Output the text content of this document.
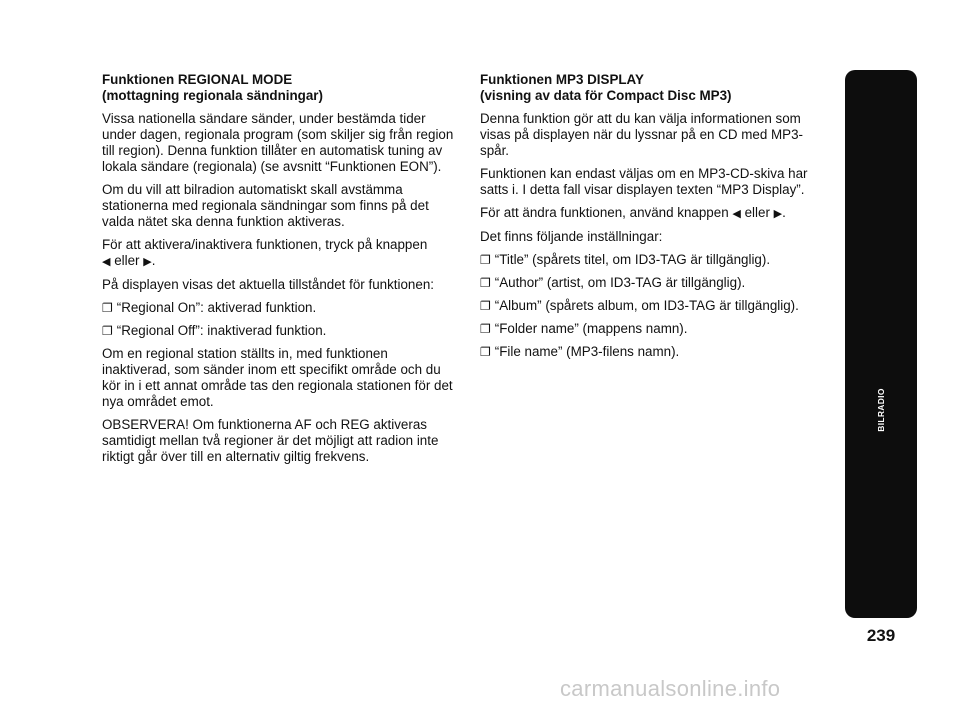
Funktionen REGIONAL MODE
(mottagning regionala sändningar)

Vissa nationella sändare sänder, under bestämda tider under dagen, regionala program (som skiljer sig från region till region). Denna funktion tillåter en automatisk tuning av lokala sändare (regionala) (se avsnitt “Funktionen EON”).

Om du vill att bilradion automatiskt skall avstämma stationerna med regionala sändningar som finns på det valda nätet ska denna funktion aktiveras.

För att aktivera/inaktivera funktionen, tryck på knappen
◀ eller ▶.

På displayen visas det aktuella tillståndet för funktionen:

❐ “Regional On”: aktiverad funktion.
❐ “Regional Off”: inaktiverad funktion.

Om en regional station ställts in, med funktionen inaktiverad, som sänder inom ett specifikt område och du kör in i ett annat område tas den regionala stationen för det nya området emot.

OBSERVERA! Om funktionerna AF och REG aktiveras samtidigt mellan två regioner är det möjligt att radion inte riktigt går över till en alternativ giltig frekvens.

Funktionen MP3 DISPLAY
(visning av data för Compact Disc MP3)

Denna funktion gör att du kan välja informationen som visas på displayen när du lyssnar på en CD med MP3-spår.

Funktionen kan endast väljas om en MP3-CD-skiva har satts i. I detta fall visar displayen texten “MP3 Display”.

För att ändra funktionen, använd knappen ◀ eller ▶.

Det finns följande inställningar:

❐ “Title” (spårets titel, om ID3-TAG är tillgänglig).
❐ “Author” (artist, om ID3-TAG är tillgänglig).
❐ “Album” (spårets album, om ID3-TAG är tillgänglig).
❐ “Folder name” (mappens namn).
❐ “File name” (MP3-filens namn).
BILRADIO
239
carmanualsonline.info
